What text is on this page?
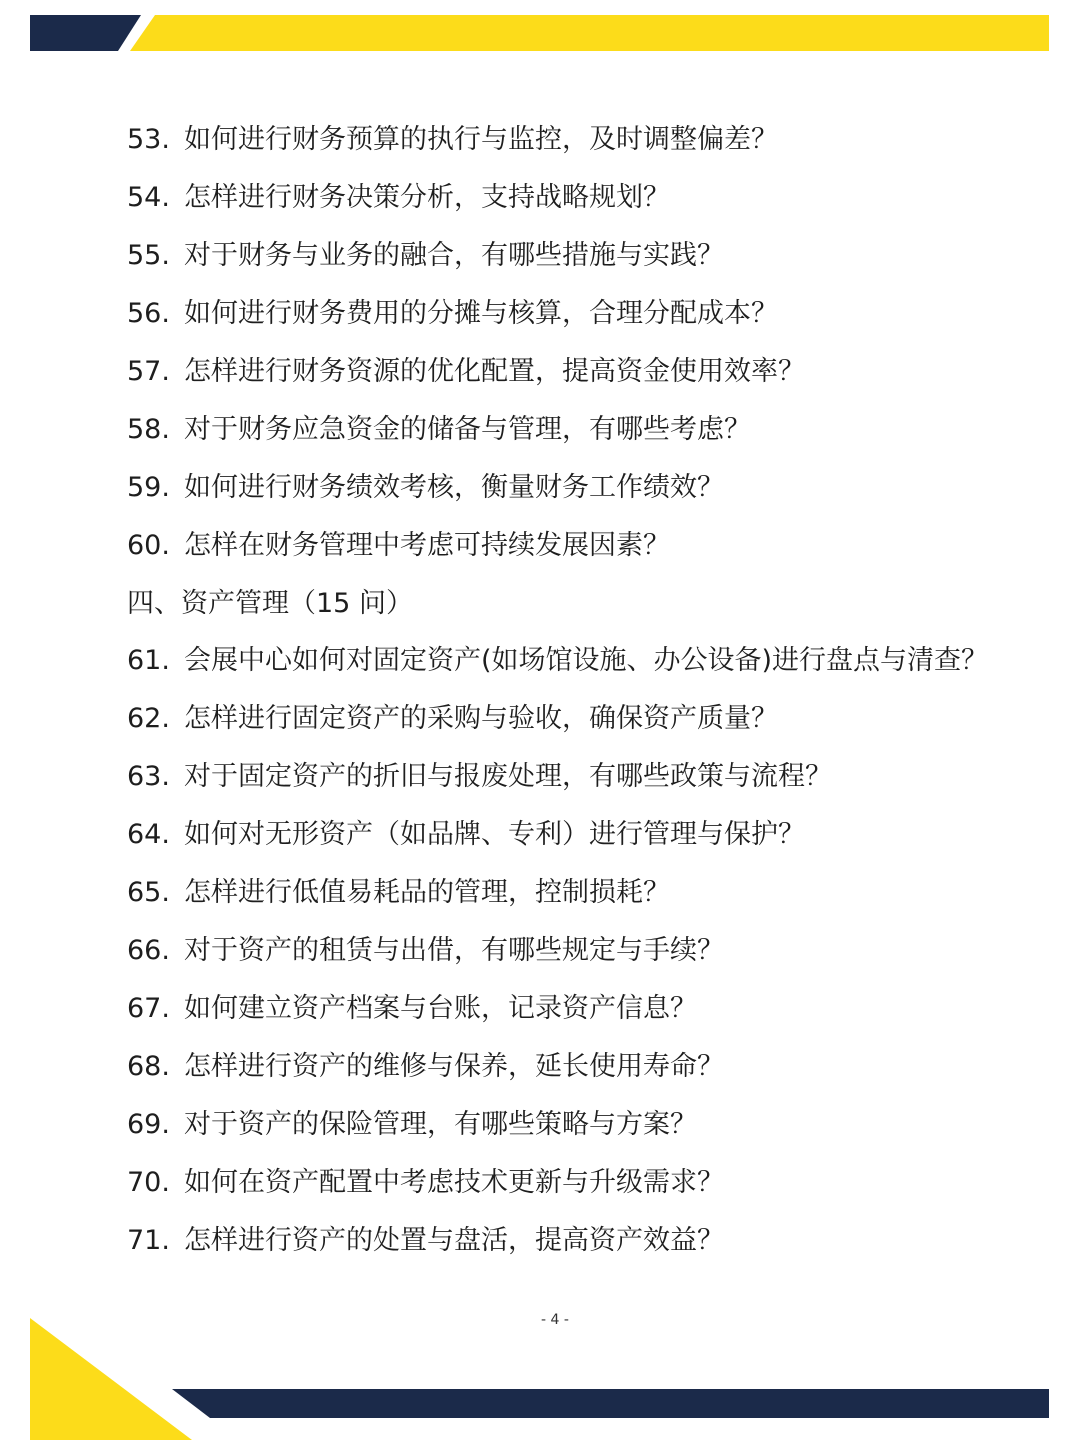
53. 如何进行财务预算的执行与监控，及时调整偏差？
54. 怎样进行财务决策分析，支持战略规划？
55. 对于财务与业务的融合，有哪些措施与实践？
56. 如何进行财务费用的分摊与核算，合理分配成本？
57. 怎样进行财务资源的优化配置，提高资金使用效率？
58. 对于财务应急资金的储备与管理，有哪些考虑？
59. 如何进行财务绩效考核，衡量财务工作绩效？
60. 怎样在财务管理中考虑可持续发展因素？
四、资产管理（15 问）
61. 会展中心如何对固定资产(如场馆设施、办公设备)进行盘点与清查？
62. 怎样进行固定资产的采购与验收，确保资产质量？
63. 对于固定资产的折旧与报废处理，有哪些政策与流程？
64. 如何对无形资产（如品牌、专利）进行管理与保护？
65. 怎样进行低值易耗品的管理，控制损耗？
66. 对于资产的租赁与出借，有哪些规定与手续？
67. 如何建立资产档案与台账，记录资产信息？
68. 怎样进行资产的维修与保养，延长使用寿命？
69. 对于资产的保险管理，有哪些策略与方案？
70. 如何在资产配置中考虑技术更新与升级需求？
71. 怎样进行资产的处置与盘活，提高资产效益？
- 4 -
